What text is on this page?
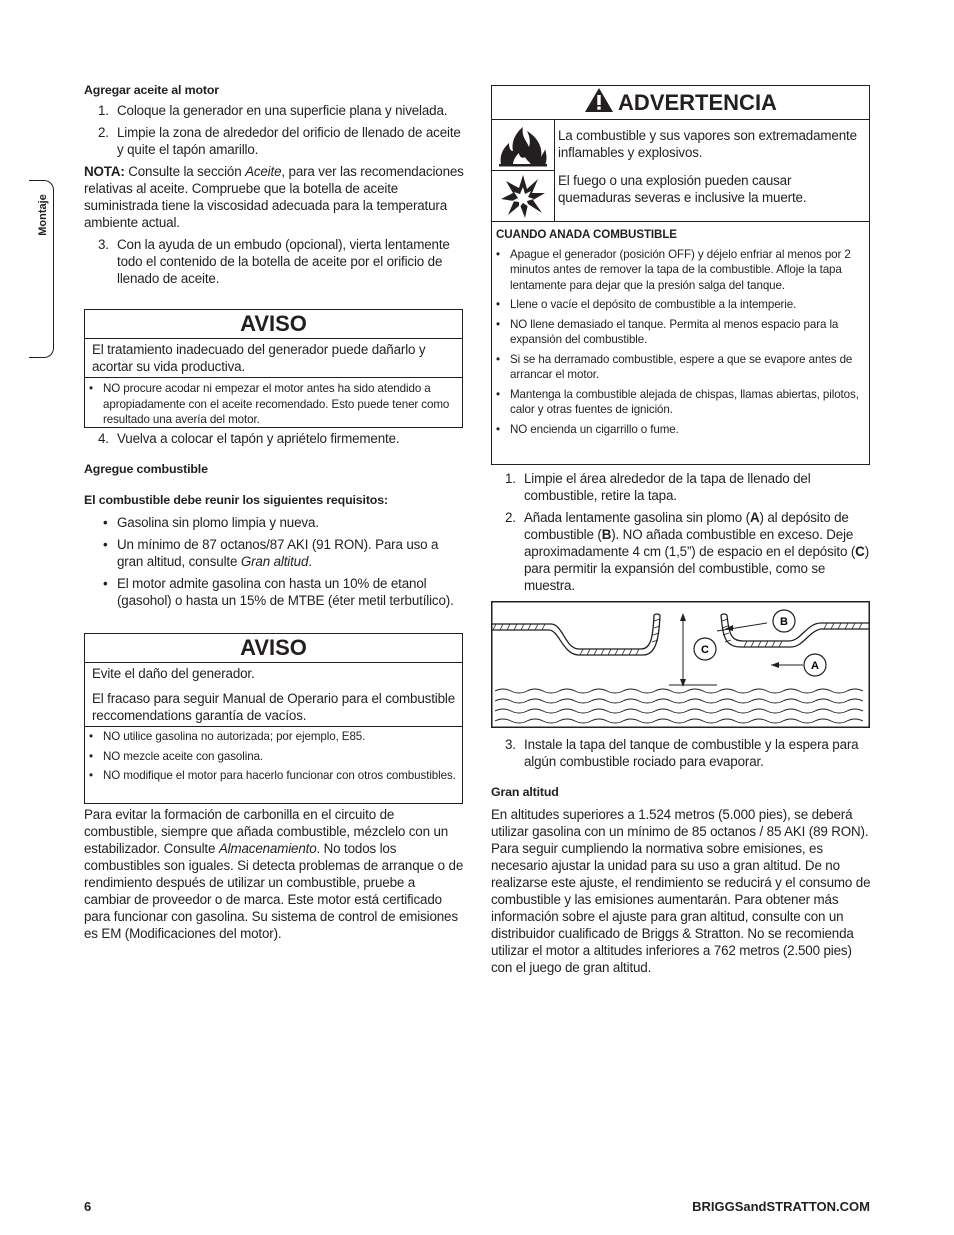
Montaje
Agregar aceite al motor
1. Coloque la generador en una superficie plana y nivelada.
2. Limpie la zona de alrededor del orificio de llenado de aceite y quite el tapón amarillo.
NOTA: Consulte la sección Aceite, para ver las recomendaciones relativas al aceite. Compruebe que la botella de aceite suministrada tiene la viscosidad adecuada para la temperatura ambiente actual.
3. Con la ayuda de un embudo (opcional), vierta lentamente todo el contenido de la botella de aceite por el orificio de llenado de aceite.
AVISO
El tratamiento inadecuado del generador puede dañarlo y acortar su vida productiva.
• NO procure acodar ni empezar el motor antes ha sido atendido a apropiadamente con el aceite recomendado. Esto puede tener como resultado una avería del motor.
4. Vuelva a colocar el tapón y apriételo firmemente.
Agregue combustible
El combustible debe reunir los siguientes requisitos:
• Gasolina sin plomo limpia y nueva.
• Un mínimo de 87 octanos/87 AKI (91 RON). Para uso a gran altitud, consulte Gran altitud.
• El motor admite gasolina con hasta un 10% de etanol (gasohol) o hasta un 15% de MTBE (éter metil terbutílico).
AVISO
Evite el daño del generador.
El fracaso para seguir Manual de Operario para el combustible reccomendations garantía de vacíos.
• NO utilice gasolina no autorizada; por ejemplo, E85.
• NO mezcle aceite con gasolina.
• NO modifique el motor para hacerlo funcionar con otros combustibles.
Para evitar la formación de carbonilla en el circuito de combustible, siempre que añada combustible, mézclelo con un estabilizador. Consulte Almacenamiento. No todos los combustibles son iguales. Si detecta problemas de arranque o de rendimiento después de utilizar un combustible, pruebe a cambiar de proveedor o de marca. Este motor está certificado para funcionar con gasolina. Su sistema de control de emisiones es EM (Modificaciones del motor).
ADVERTENCIA
La combustible y sus vapores son extremadamente inflamables y explosivos.
El fuego o una explosión pueden causar quemaduras severas e inclusive la muerte.
CUANDO ANADA COMBUSTIBLE
• Apague el generador (posición OFF) y déjelo enfriar al menos por 2 minutos antes de remover la tapa de la combustible. Afloje la tapa lentamente para dejar que la presión salga del tanque.
• Llene o vacíe el depósito de combustible a la intemperie.
• NO llene demasiado el tanque. Permita al menos espacio para la expansión del combustible.
• Si se ha derramado combustible, espere a que se evapore antes de arrancar el motor.
• Mantenga la combustible alejada de chispas, llamas abiertas, pilotos, calor y otras fuentes de ignición.
• NO encienda un cigarrillo o fume.
1. Limpie el área alrededor de la tapa de llenado del combustible, retire la tapa.
2. Añada lentamente gasolina sin plomo (A) al depósito de combustible (B). NO añada combustible en exceso. Deje aproximadamente 4 cm (1,5”) de espacio en el depósito (C) para permitir la expansión del combustible, como se muestra.
B
A
C
3. Instale la tapa del tanque de combustible y la espera para algún combustible rociado para evaporar.
Gran altitud
En altitudes superiores a 1.524 metros (5.000 pies), se deberá utilizar gasolina con un mínimo de 85 octanos / 85 AKI (89 RON). Para seguir cumpliendo la normativa sobre emisiones, es necesario ajustar la unidad para su uso a gran altitud. De no realizarse este ajuste, el rendimiento se reducirá y el consumo de combustible y las emisiones aumentarán. Para obtener más información sobre el ajuste para gran altitud, consulte con un distribuidor cualificado de Briggs & Stratton. No se recomienda utilizar el motor a altitudes inferiores a 762 metros (2.500 pies) con el juego de gran altitud.
6	BRIGGSandSTRATTON.COM
